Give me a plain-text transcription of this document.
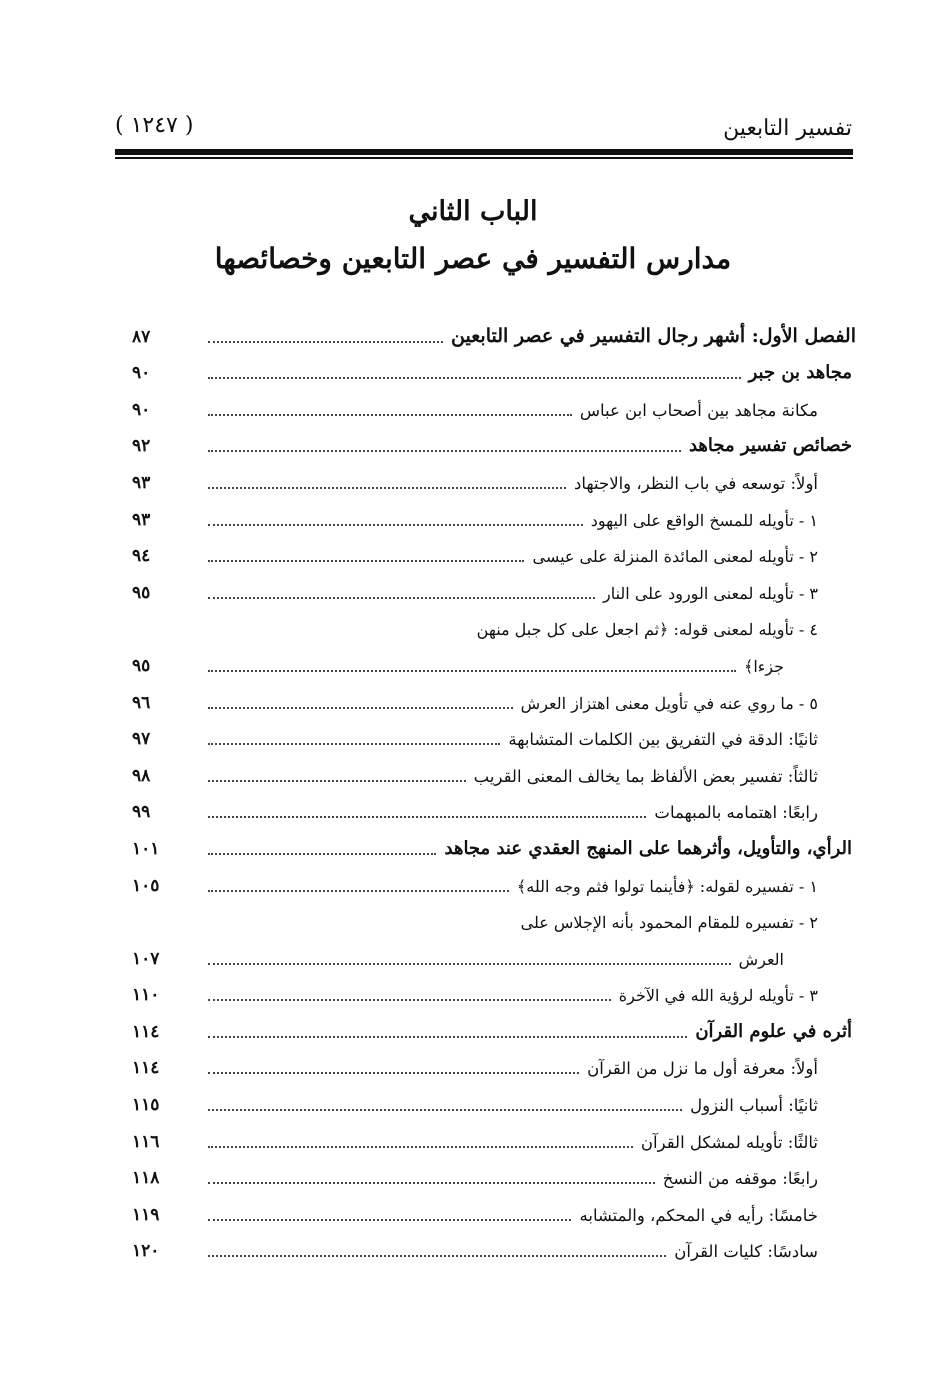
تفسير التابعين
( ١٢٤٧ )
الباب الثاني
مدارس التفسير في عصر التابعين وخصائصها
الفصل الأول: أشهر رجال التفسير في عصر التابعين
٨٧
مجاهد بن جبر
٩٠
مكانة مجاهد بين أصحاب ابن عباس
٩٠
خصائص تفسير مجاهد
٩٢
أولاً: توسعه في باب النظر، والاجتهاد
٩٣
١ - تأويله للمسخ الواقع على اليهود
٩٣
٢ - تأويله لمعنى المائدة المنزلة على عيسى
٩٤
٣ - تأويله لمعنى الورود على النار
٩٥
٤ - تأويله لمعنى قوله: ﴿ثم اجعل على كل جبل منهن
جزءا﴾
٩٥
٥ - ما روي عنه في تأويل معنى اهتزاز العرش
٩٦
ثانيًا: الدقة في التفريق بين الكلمات المتشابهة
٩٧
ثالثاً: تفسير بعض الألفاظ بما يخالف المعنى القريب
٩٨
رابعًا: اهتمامه بالمبهمات
٩٩
الرأي، والتأويل، وأثرهما على المنهج العقدي عند مجاهد
١٠١
١ - تفسيره لقوله: ﴿فأينما تولوا فثم وجه الله﴾
١٠٥
٢ - تفسيره للمقام المحمود بأنه الإجلاس على
العرش
١٠٧
٣ - تأويله لرؤية الله في الآخرة
١١٠
أثره في علوم القرآن
١١٤
أولاً: معرفة أول ما نزل من القرآن
١١٤
ثانيًا: أسباب النزول
١١٥
ثالثًا: تأويله لمشكل القرآن
١١٦
رابعًا: موقفه من النسخ
١١٨
خامسًا: رأيه في المحكم، والمتشابه
١١٩
سادسًا: كليات القرآن
١٢٠
